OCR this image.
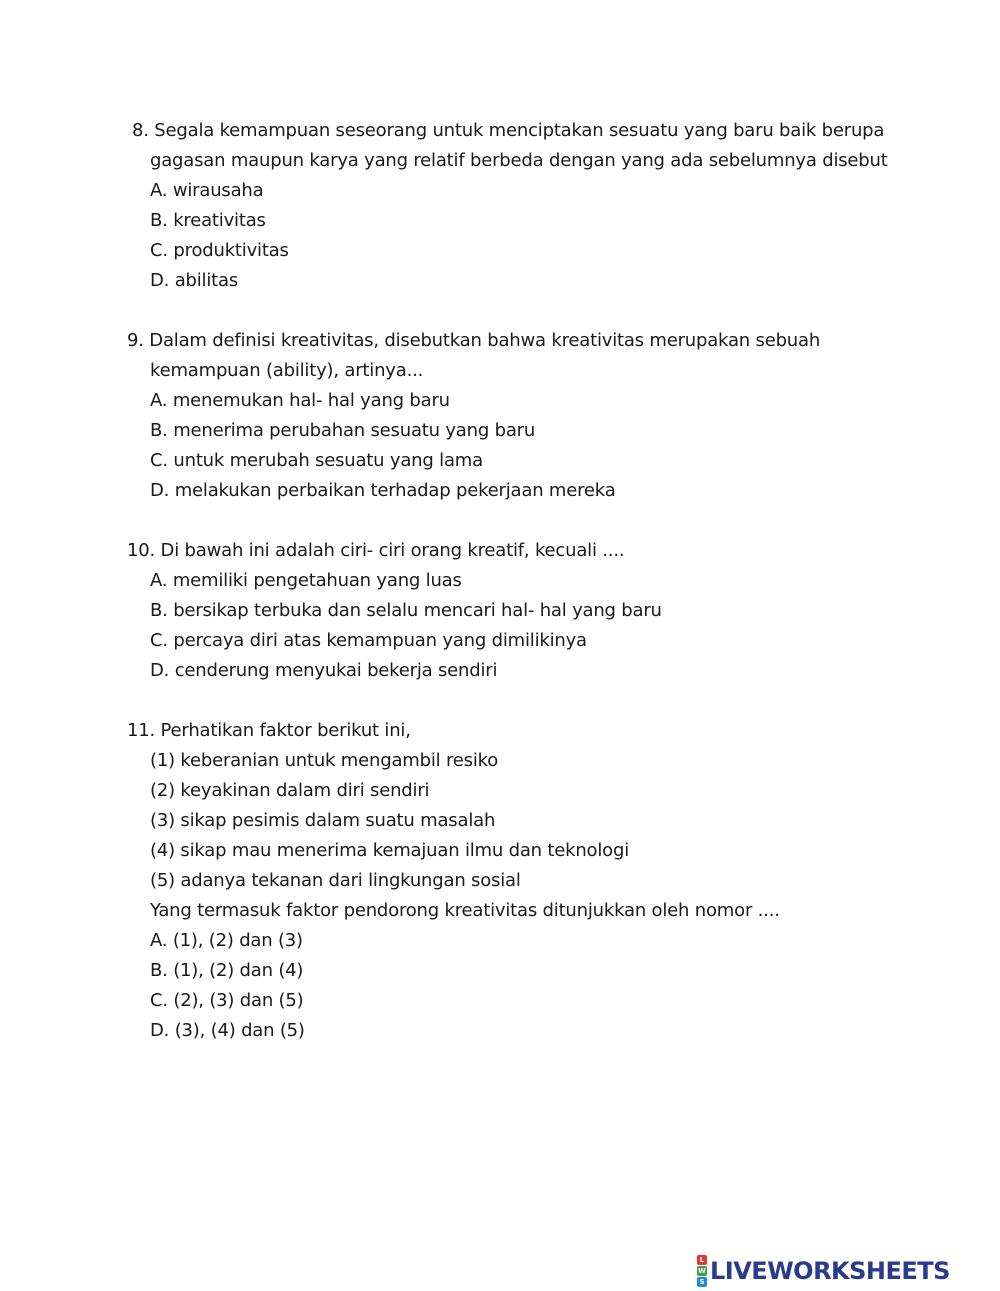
8. Segala kemampuan seseorang untuk menciptakan sesuatu yang baru baik berupa
gagasan maupun karya yang relatif berbeda dengan yang ada sebelumnya disebut
A. wirausaha
B. kreativitas
C. produktivitas
D. abilitas
9. Dalam definisi kreativitas, disebutkan bahwa kreativitas merupakan sebuah
kemampuan (ability), artinya...
A. menemukan hal- hal yang baru
B. menerima perubahan sesuatu yang baru
C. untuk merubah sesuatu yang lama
D. melakukan perbaikan terhadap pekerjaan mereka
10. Di bawah ini adalah ciri- ciri orang kreatif, kecuali ....
A. memiliki pengetahuan yang luas
B. bersikap terbuka dan selalu mencari hal- hal yang baru
C. percaya diri atas kemampuan yang dimilikinya
D. cenderung menyukai bekerja sendiri
11. Perhatikan faktor berikut ini,
(1) keberanian untuk mengambil resiko
(2) keyakinan dalam diri sendiri
(3) sikap pesimis dalam suatu masalah
(4) sikap mau menerima kemajuan ilmu dan teknologi
(5) adanya tekanan dari lingkungan sosial
Yang termasuk faktor pendorong kreativitas ditunjukkan oleh nomor ....
A. (1), (2) dan (3)
B. (1), (2) dan (4)
C. (2), (3) dan (5)
D. (3), (4) dan (5)
L
W
S LIVEWORKSHEETS
